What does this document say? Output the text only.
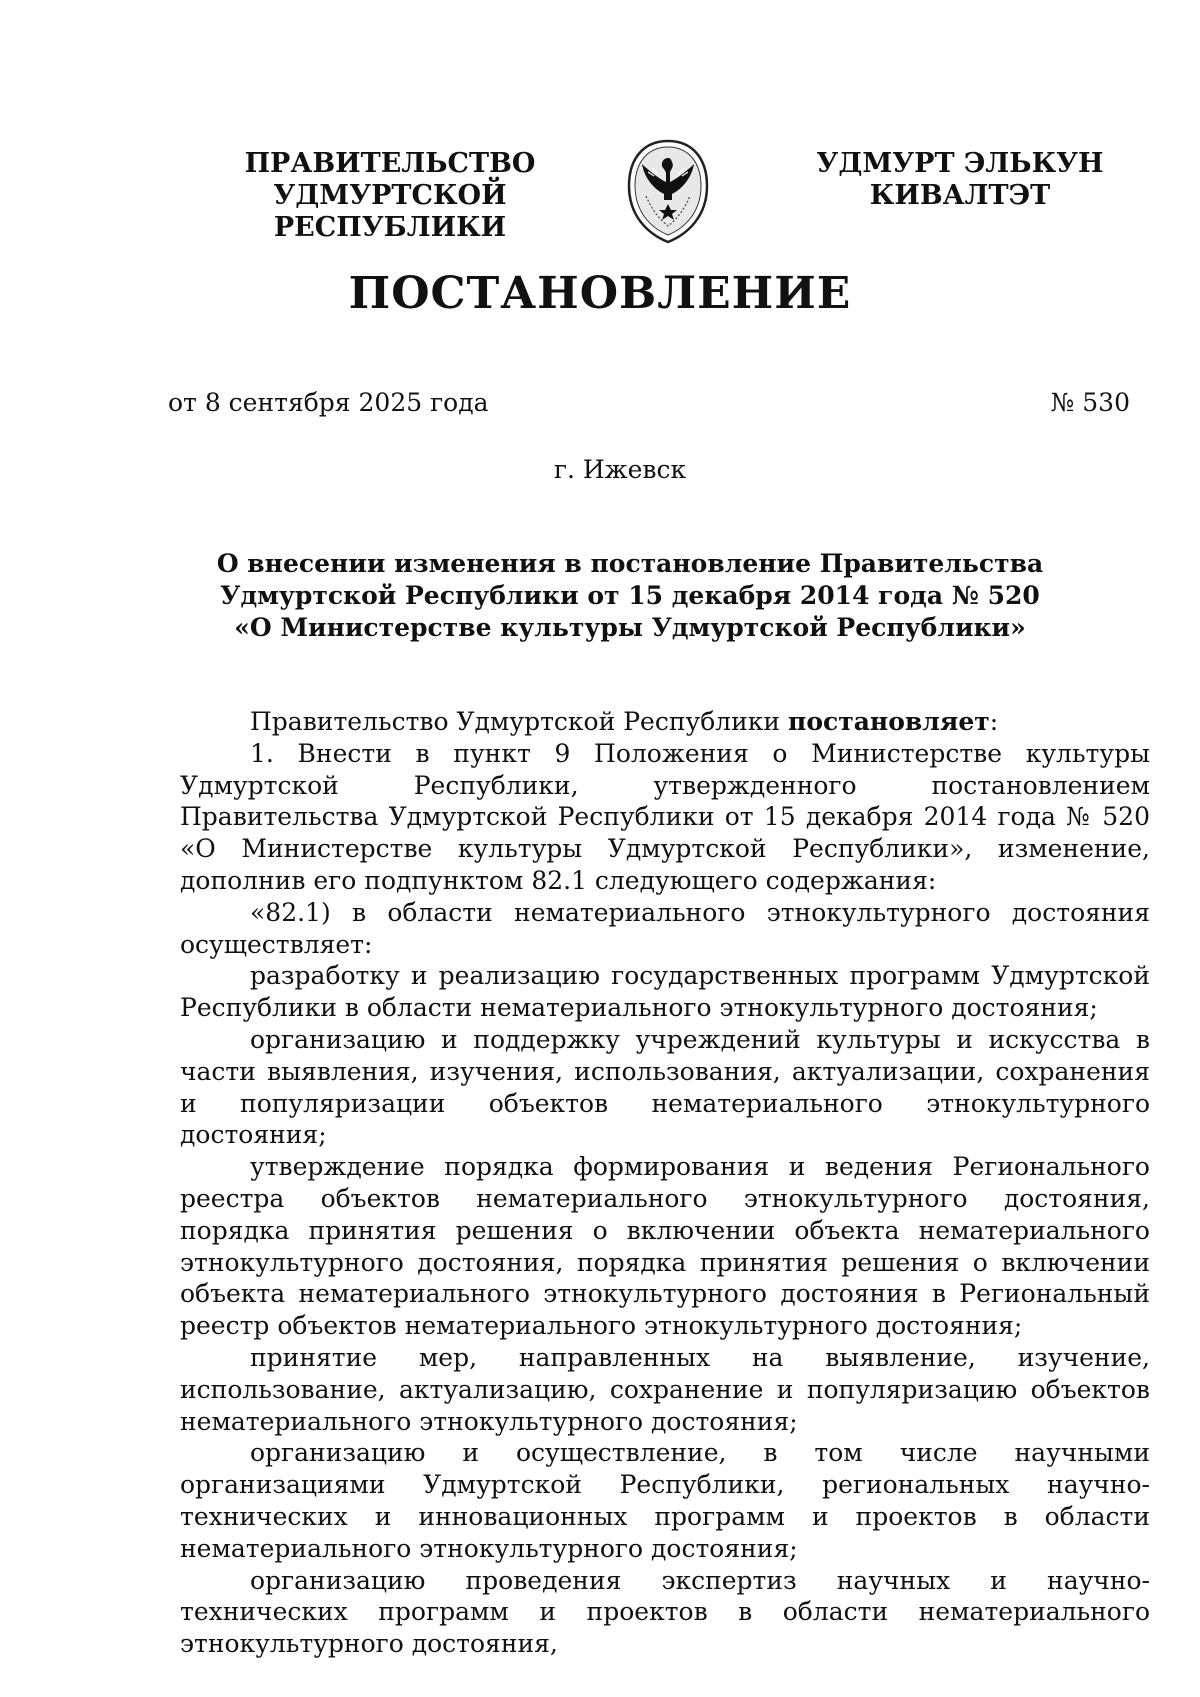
ПРАВИТЕЛЬСТВО
УДМУРТСКОЙ РЕСПУБЛИКИ
УДМУРТ ЭЛЬКУН
КИВАЛТЭТ
ПОСТАНОВЛЕНИЕ
от 8 сентября 2025 года	№ 530
г. Ижевск
О внесении изменения в постановление Правительства
Удмуртской Республики от 15 декабря 2014 года № 520
«О Министерстве культуры Удмуртской Республики»

Правительство Удмуртской Республики постановляет:

1. Внести в пункт 9 Положения о Министерстве культуры Удмуртской Республики, утвержденного постановлением Правительства Удмуртской Республики от 15 декабря 2014 года № 520 «О Министерстве культуры Удмуртской Республики», изменение, дополнив его подпунктом 82.1 следующего содержания:

«82.1) в области нематериального этнокультурного достояния осуществляет:

разработку и реализацию государственных программ Удмуртской Республики в области нематериального этнокультурного достояния;

организацию и поддержку учреждений культуры и искусства в части выявления, изучения, использования, актуализации, сохранения и популяризации объектов нематериального этнокультурного достояния;

утверждение порядка формирования и ведения Регионального реестра объектов нематериального этнокультурного достояния, порядка принятия решения о включении объекта нематериального этнокультурного достояния, порядка принятия решения о включении объекта нематериального этнокультурного достояния в Региональный реестр объектов нематериального этнокультурного достояния;

принятие мер, направленных на выявление, изучение, использование, актуализацию, сохранение и популяризацию объектов нематериального этнокультурного достояния;

организацию и осуществление, в том числе научными организациями Удмуртской Республики, региональных научно-технических и инновационных программ и проектов в области нематериального этнокультурного достояния;

организацию проведения экспертиз научных и научно-технических программ и проектов в области нематериального этнокультурного достояния,
